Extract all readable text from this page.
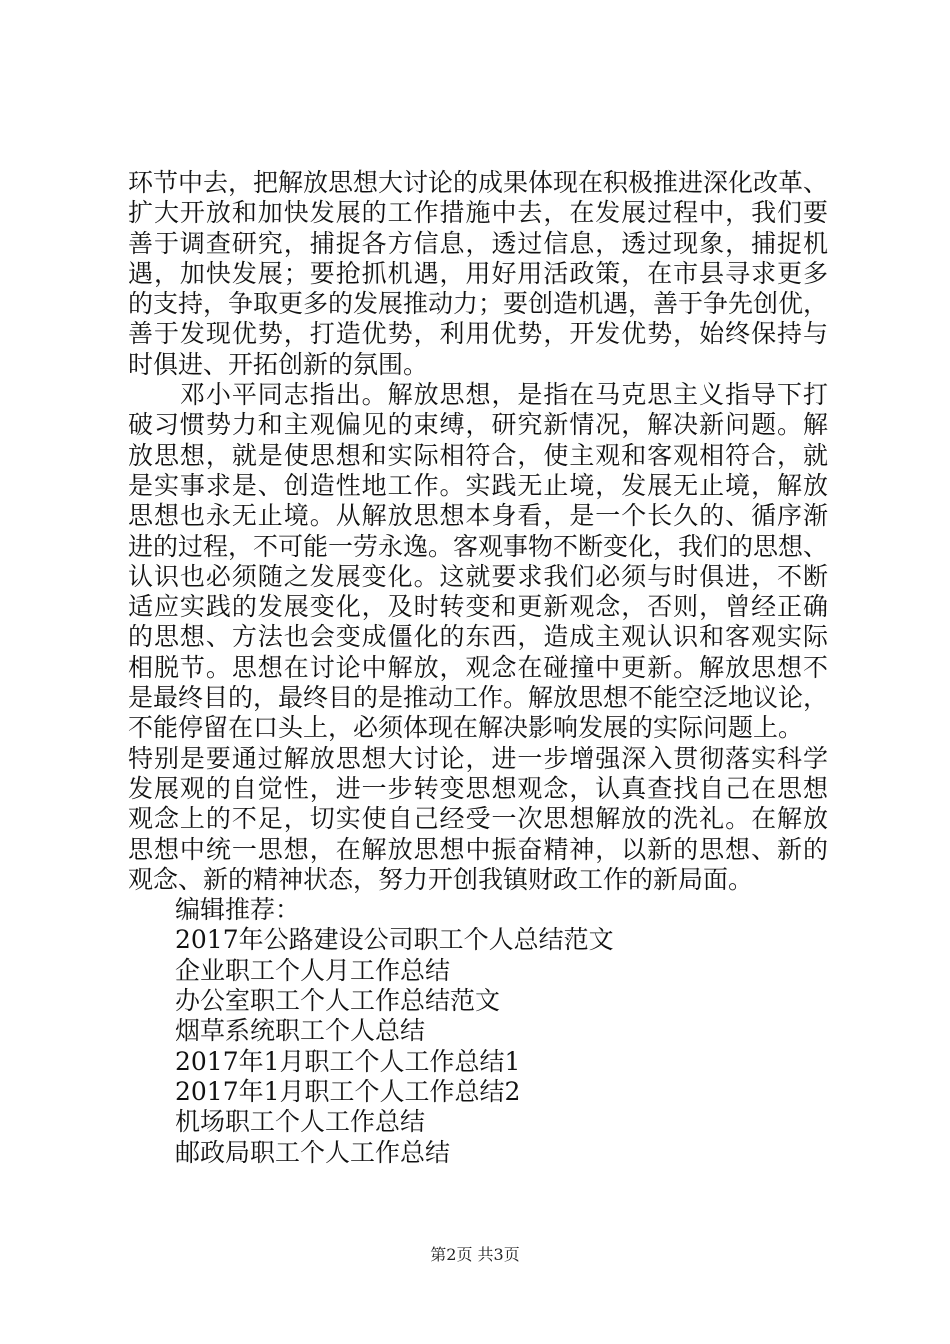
环节中去，把解放思想大讨论的成果体现在积极推进深化改革、
扩大开放和加快发展的工作措施中去，在发展过程中，我们要
善于调查研究，捕捉各方信息，透过信息，透过现象，捕捉机
遇，加快发展；要抢抓机遇，用好用活政策，在市县寻求更多
的支持，争取更多的发展推动力；要创造机遇，善于争先创优，
善于发现优势，打造优势，利用优势，开发优势，始终保持与
时俱进、开拓创新的氛围。
　　邓小平同志指出。解放思想，是指在马克思主义指导下打
破习惯势力和主观偏见的束缚，研究新情况，解决新问题。解
放思想，就是使思想和实际相符合，使主观和客观相符合，就
是实事求是、创造性地工作。实践无止境，发展无止境，解放
思想也永无止境。从解放思想本身看，是一个长久的、循序渐
进的过程，不可能一劳永逸。客观事物不断变化，我们的思想、
认识也必须随之发展变化。这就要求我们必须与时俱进，不断
适应实践的发展变化，及时转变和更新观念，否则，曾经正确
的思想、方法也会变成僵化的东西，造成主观认识和客观实际
相脱节。思想在讨论中解放，观念在碰撞中更新。解放思想不
是最终目的，最终目的是推动工作。解放思想不能空泛地议论，
不能停留在口头上，必须体现在解决影响发展的实际问题上。
特别是要通过解放思想大讨论，进一步增强深入贯彻落实科学
发展观的自觉性，进一步转变思想观念，认真查找自己在思想
观念上的不足，切实使自己经受一次思想解放的洗礼。在解放
思想中统一思想，在解放思想中振奋精神，以新的思想、新的
观念、新的精神状态，努力开创我镇财政工作的新局面。
编辑推荐：
2017年公路建设公司职工个人总结范文
企业职工个人月工作总结
办公室职工个人工作总结范文
烟草系统职工个人总结
2017年1月职工个人工作总结1
2017年1月职工个人工作总结2
机场职工个人工作总结
邮政局职工个人工作总结
第2页 共3页
